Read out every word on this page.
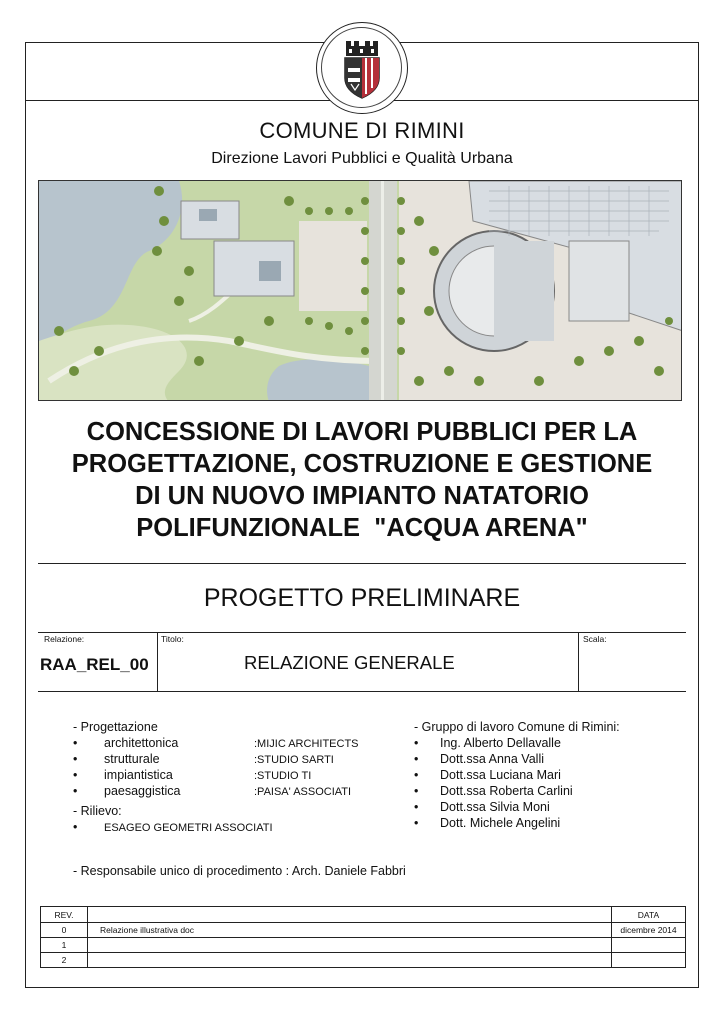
COMUNE DI RIMINI
Direzione Lavori Pubblici e Qualità Urbana
CONCESSIONE DI LAVORI PUBBLICI PER LA
PROGETTAZIONE, COSTRUZIONE E GESTIONE
DI UN NUOVO IMPIANTO NATATORIO
POLIFUNZIONALE  "ACQUA ARENA"
PROGETTO PRELIMINARE
Relazione:	Titolo:	Scala:
RAA_REL_00	RELAZIONE GENERALE
- Progettazione
• architettonica	:MIJIC ARCHITECTS
• strutturale	:STUDIO SARTI
• impiantistica	:STUDIO TI
• paesaggistica	:PAISA' ASSOCIATI
- Rilievo:
• ESAGEO GEOMETRI ASSOCIATI
- Gruppo di lavoro Comune di Rimini:
• Ing. Alberto Dellavalle
• Dott.ssa Anna Valli
• Dott.ssa Luciana Mari
• Dott.ssa Roberta Carlini
• Dott.ssa Silvia Moni
• Dott. Michele Angelini
- Responsabile unico di procedimento : Arch. Daniele Fabbri
REV.		DATA
0	Relazione illustrativa doc	dicembre 2014
1		
2		
